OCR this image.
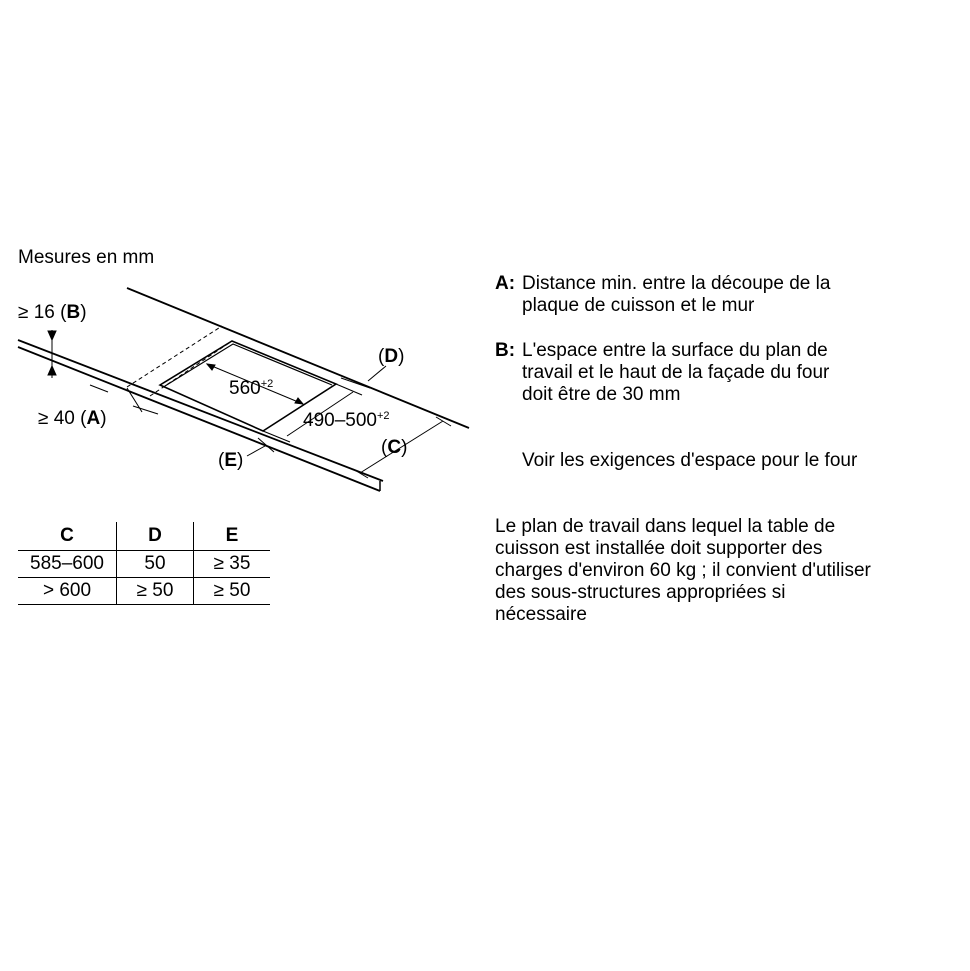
Mesures en mm
≥ 16 (B)
≥ 40 (A)
(D)
(C)
(E)
$560^{+2}$
$490-500^{+2}$
C	D	E
585–600	50	≥ 35
> 600	≥ 50	≥ 50
A: Distance min. entre la découpe de la
plaque de cuisson et le mur
B: L'espace entre la surface du plan de
travail et le haut de la façade du four
doit être de 30 mm
Voir les exigences d'espace pour le four
Le plan de travail dans lequel la table de
cuisson est installée doit supporter des
charges d'environ 60 kg ; il convient d'utiliser
des sous-structures appropriées si
nécessaire
